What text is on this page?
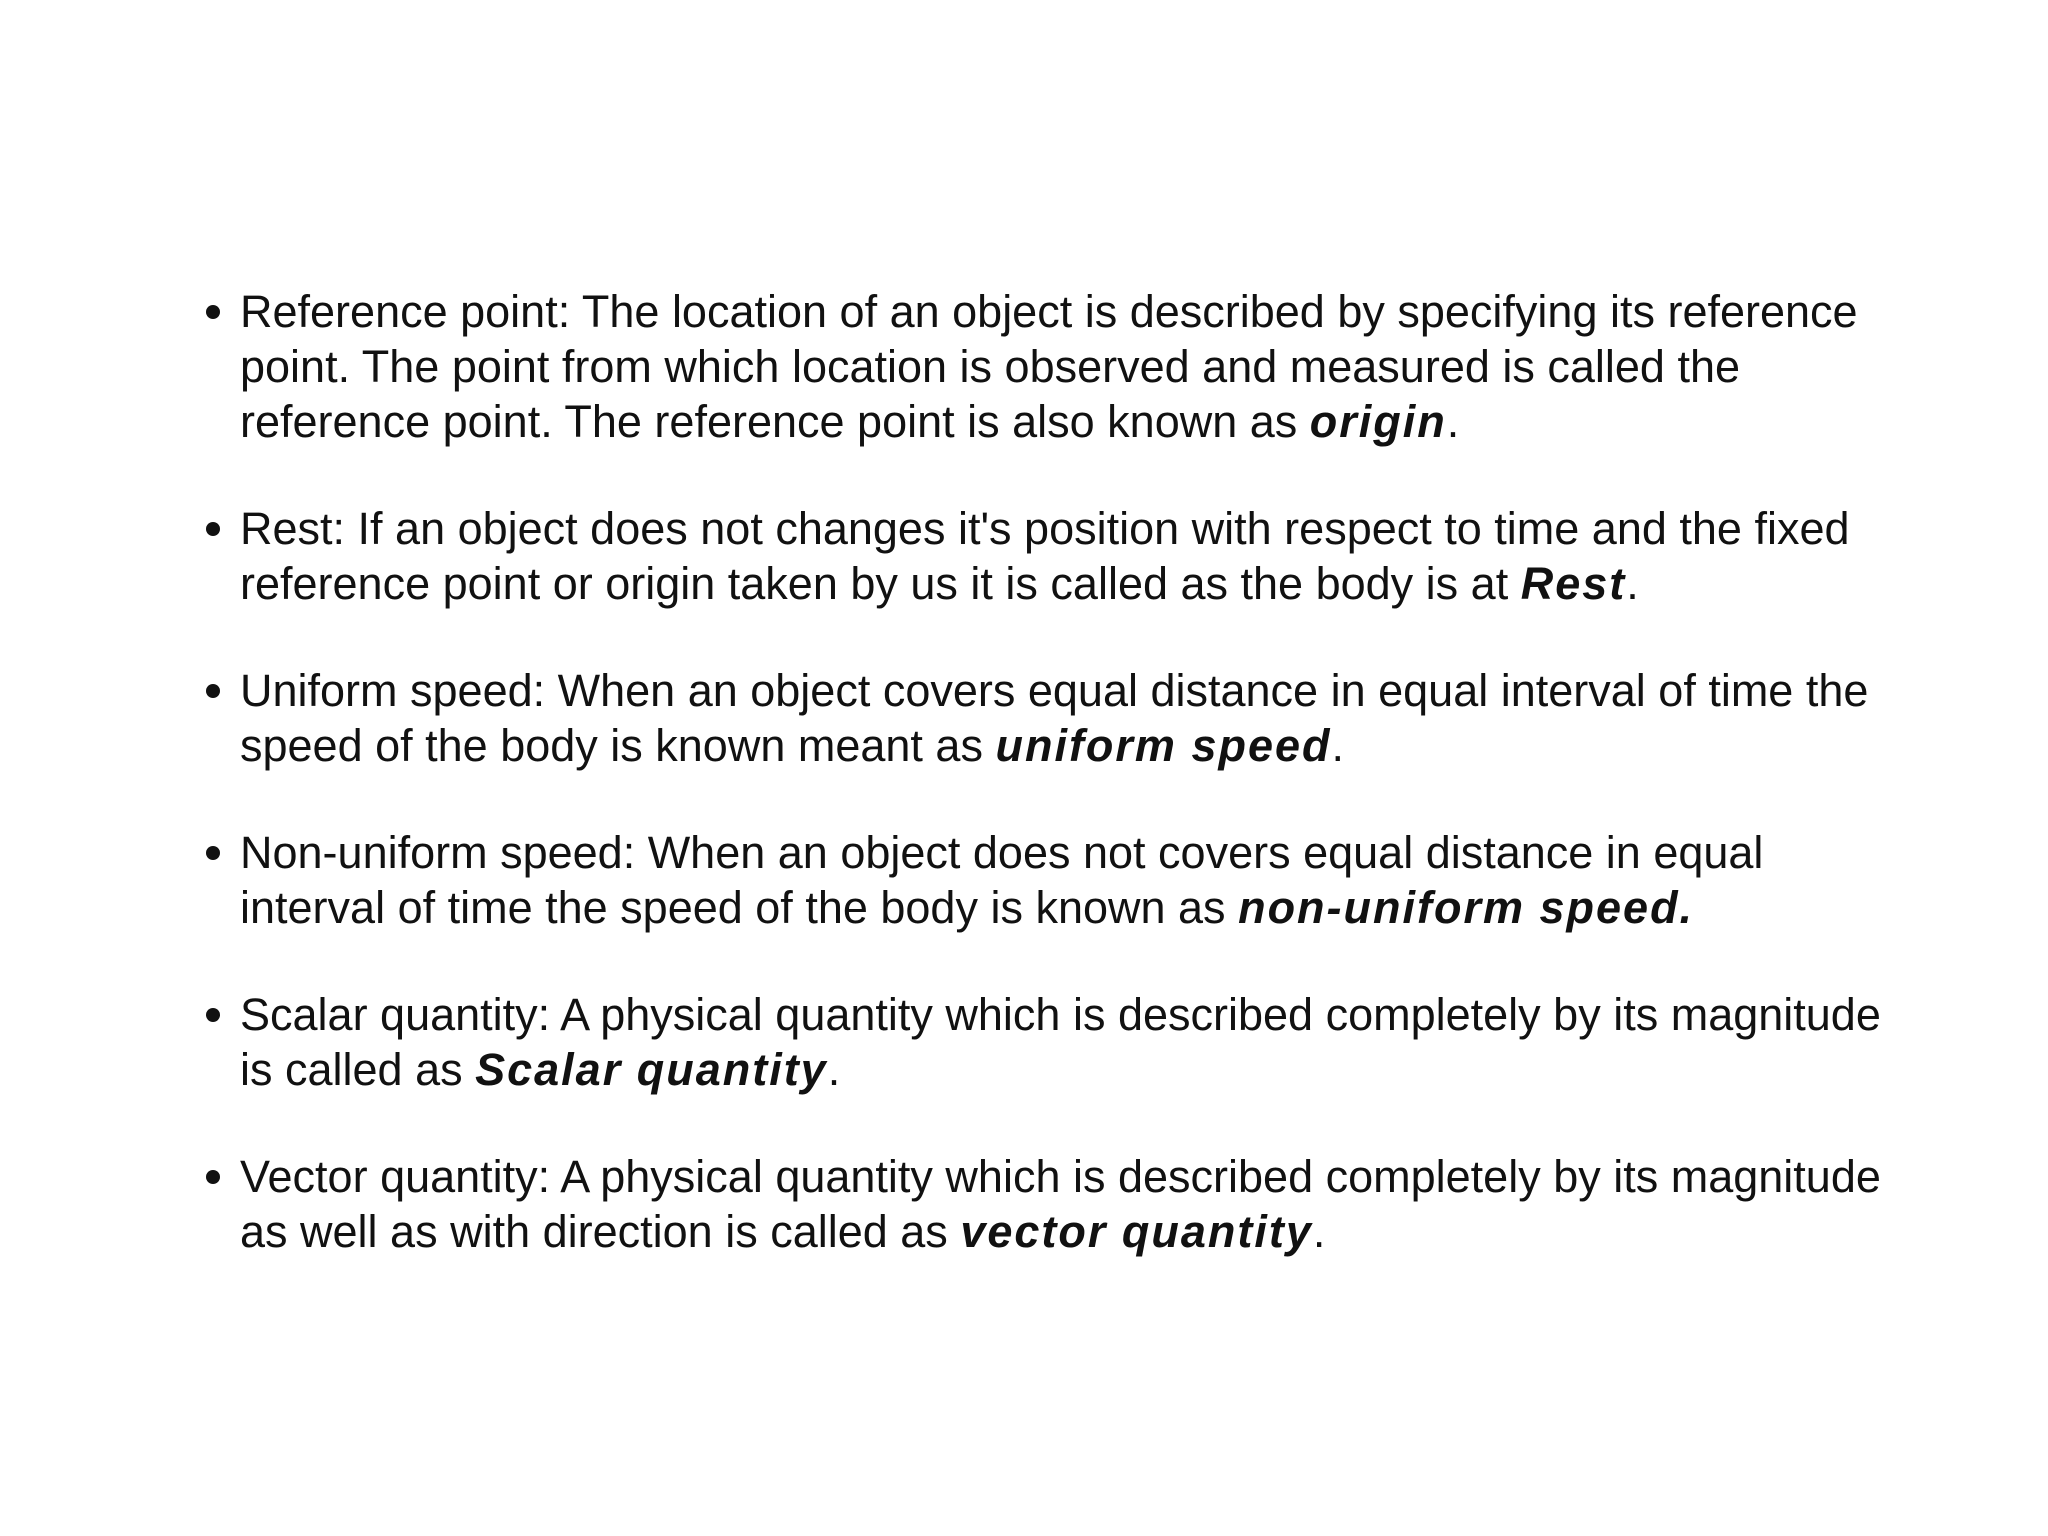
Reference point: The location of an object is described by specifying its reference point. The point from which location is observed and measured is called the reference point. The reference point is also known as origin.
Rest: If an object does not changes it's position with respect to time and the fixed reference point or origin taken by us it is called as the body is at Rest.
Uniform speed: When an object covers equal distance in equal interval of time the speed of the body is known meant as uniform speed.
Non-uniform speed: When an object does not covers equal distance in equal interval of time the speed of the body is known as non-uniform speed.
Scalar quantity: A physical quantity which is described completely by its magnitude is called as Scalar quantity.
Vector quantity: A physical quantity which is described completely by its magnitude as well as with direction is called as vector quantity.
